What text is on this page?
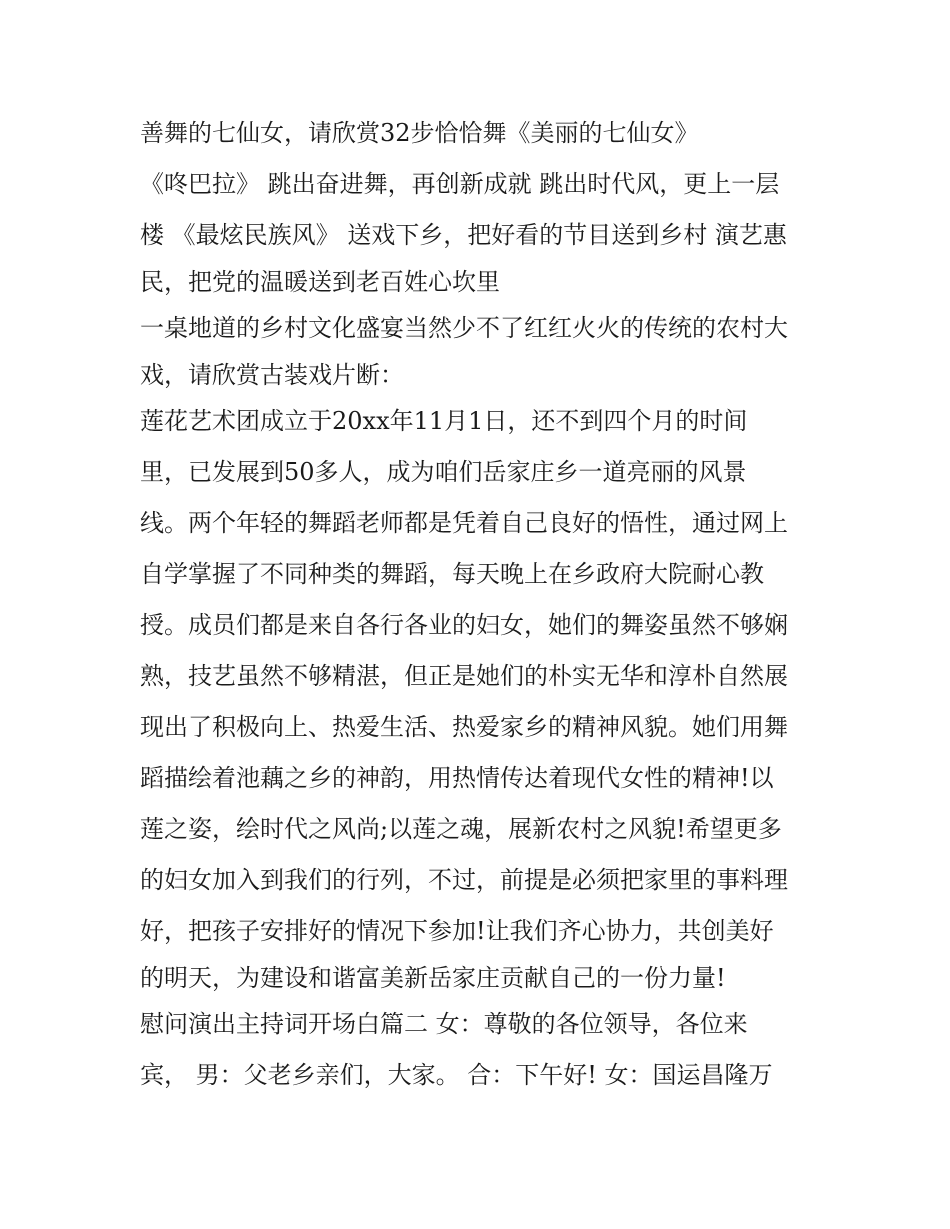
善舞的七仙女，请欣赏32步恰恰舞《美丽的七仙女》
《咚巴拉》 跳出奋进舞，再创新成就 跳出时代风，更上一层
楼 《最炫民族风》 送戏下乡，把好看的节目送到乡村 演艺惠
民，把党的温暖送到老百姓心坎里
一桌地道的乡村文化盛宴当然少不了红红火火的传统的农村大
戏，请欣赏古装戏片断：
莲花艺术团成立于20xx年11月1日，还不到四个月的时间
里，已发展到50多人，成为咱们岳家庄乡一道亮丽的风景
线。两个年轻的舞蹈老师都是凭着自己良好的悟性，通过网上
自学掌握了不同种类的舞蹈，每天晚上在乡政府大院耐心教
授。成员们都是来自各行各业的妇女，她们的舞姿虽然不够娴
熟，技艺虽然不够精湛，但正是她们的朴实无华和淳朴自然展
现出了积极向上、热爱生活、热爱家乡的精神风貌。她们用舞
蹈描绘着池藕之乡的神韵，用热情传达着现代女性的精神!以
莲之姿，绘时代之风尚;以莲之魂，展新农村之风貌!希望更多
的妇女加入到我们的行列，不过，前提是必须把家里的事料理
好，把孩子安排好的情况下参加!让我们齐心协力，共创美好
的明天，为建设和谐富美新岳家庄贡献自己的一份力量!
慰问演出主持词开场白篇二 女：尊敬的各位领导，各位来
宾， 男：父老乡亲们，大家。 合：下午好! 女：国运昌隆万
